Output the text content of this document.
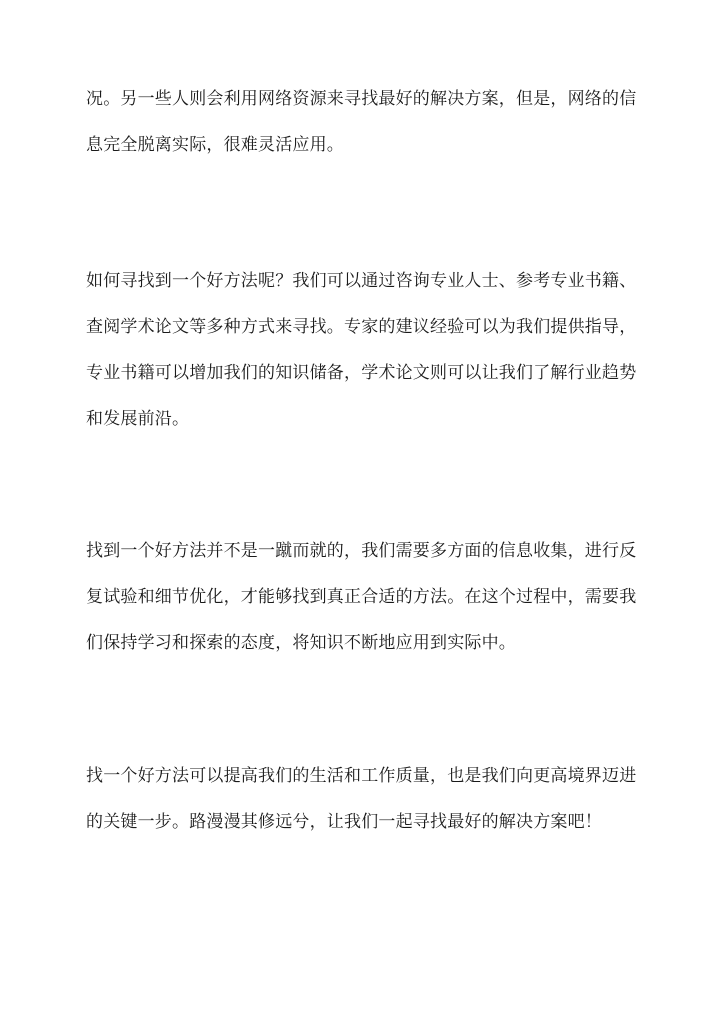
况。另一些人则会利用网络资源来寻找最好的解决方案，但是，网络的信
息完全脱离实际，很难灵活应用。

如何寻找到一个好方法呢？我们可以通过咨询专业人士、参考专业书籍、
查阅学术论文等多种方式来寻找。专家的建议经验可以为我们提供指导，
专业书籍可以增加我们的知识储备，学术论文则可以让我们了解行业趋势
和发展前沿。

找到一个好方法并不是一蹴而就的，我们需要多方面的信息收集，进行反
复试验和细节优化，才能够找到真正合适的方法。在这个过程中，需要我
们保持学习和探索的态度，将知识不断地应用到实际中。

找一个好方法可以提高我们的生活和工作质量，也是我们向更高境界迈进
的关键一步。路漫漫其修远兮，让我们一起寻找最好的解决方案吧！
